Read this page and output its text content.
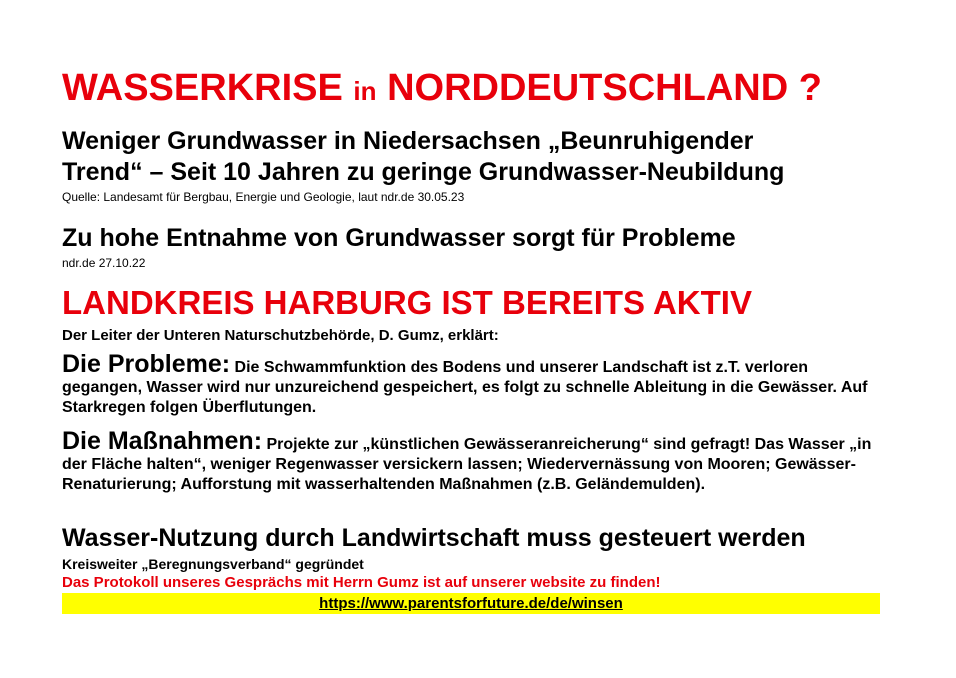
WASSERKRISE in NORDDEUTSCHLAND ?
Weniger Grundwasser in Niedersachsen „Beunruhigender
Trend“ – Seit 10 Jahren zu geringe Grundwasser-Neubildung
Quelle: Landesamt für Bergbau, Energie und Geologie, laut ndr.de 30.05.23
Zu hohe Entnahme von Grundwasser sorgt für Probleme
ndr.de 27.10.22
LANDKREIS HARBURG IST BEREITS AKTIV
Der Leiter der Unteren Naturschutzbehörde, D. Gumz, erklärt:

Die Probleme: Die Schwammfunktion des Bodens und unserer Landschaft ist z.T. verloren gegangen, Wasser wird nur unzureichend gespeichert, es folgt zu schnelle Ableitung in die Gewässer. Auf Starkregen folgen Überflutungen.

Die Maßnahmen: Projekte zur „künstlichen Gewässeranreicherung“ sind gefragt! Das Wasser „in der Fläche halten“, weniger Regenwasser versickern lassen; Wiedervernässung von Mooren; Gewässer-Renaturierung; Aufforstung mit wasserhaltenden Maßnahmen (z.B. Geländemulden).

Wasser-Nutzung durch Landwirtschaft muss gesteuert werden
Kreisweiter „Beregnungsverband“ gegründet
Das Protokoll unseres Gesprächs mit Herrn Gumz ist auf unserer website zu finden!
https://www.parentsforfuture.de/de/winsen
